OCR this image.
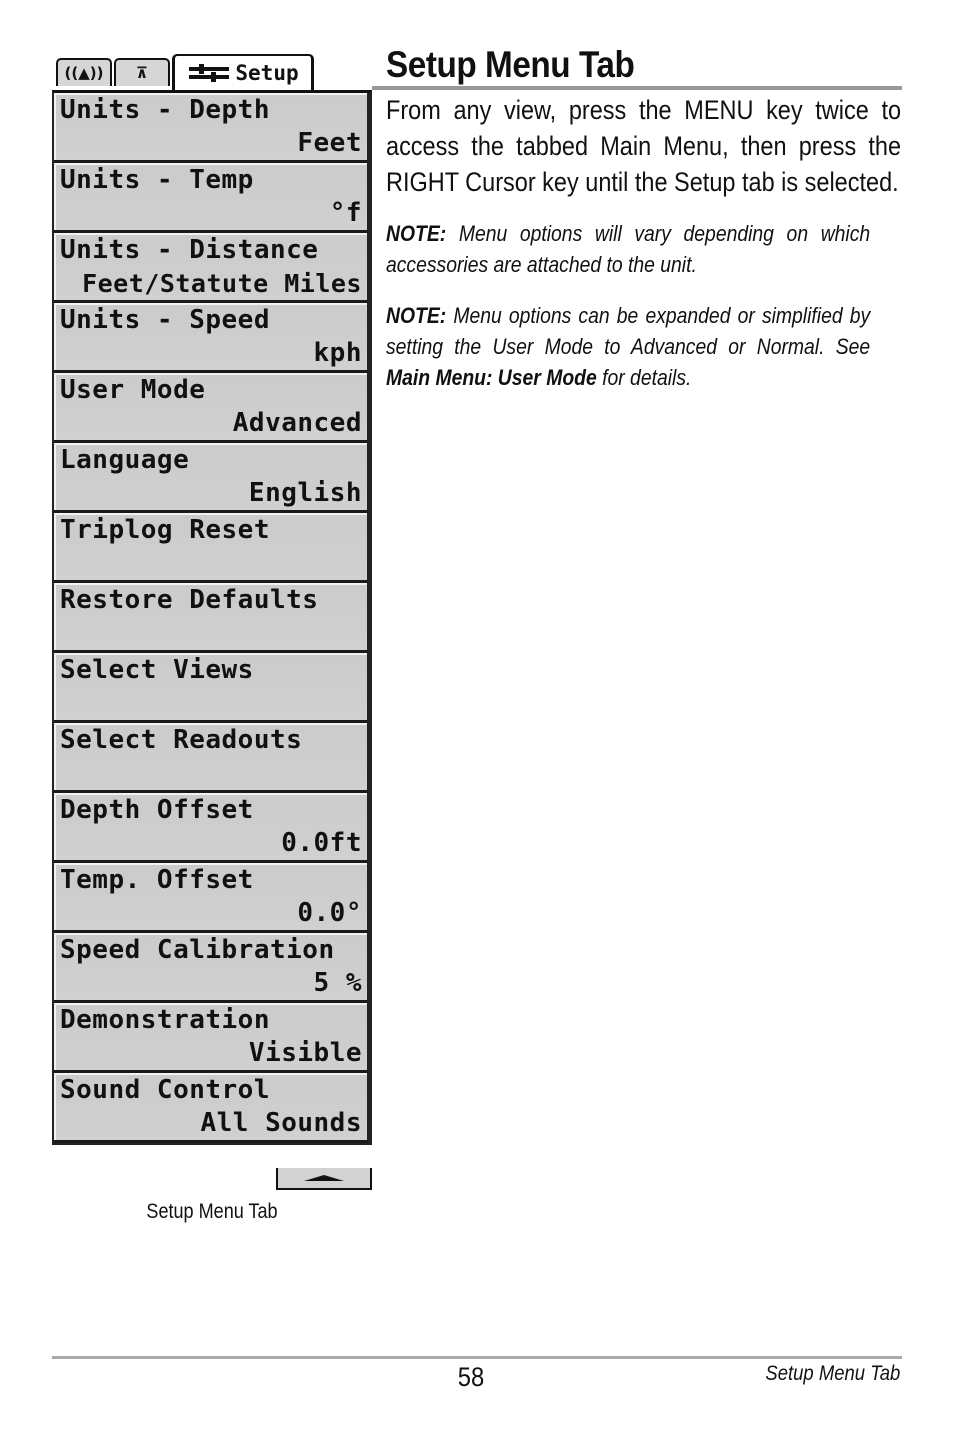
((▲)) ⊼	Setup
Units - Depth
Feet
Units - Temp
°f
Units - Distance
Feet/Statute Miles
Units - Speed
kph
User Mode
Advanced
Language
English
Triplog Reset
Restore Defaults
Select Views
Select Readouts
Depth Offset
0.0ft
Temp. Offset
0.0°
Speed Calibration
5 %
Demonstration
Visible
Sound Control
All Sounds
Setup Menu Tab
Setup Menu Tab

From any view, press the MENU key twice to access the tabbed Main Menu, then press the RIGHT Cursor key until the Setup tab is selected.

NOTE: Menu options will vary depending on which accessories are attached to the unit.

NOTE: Menu options can be expanded or simplified by setting the User Mode to Advanced or Normal. See Main Menu: User Mode for details.

58	Setup Menu Tab
